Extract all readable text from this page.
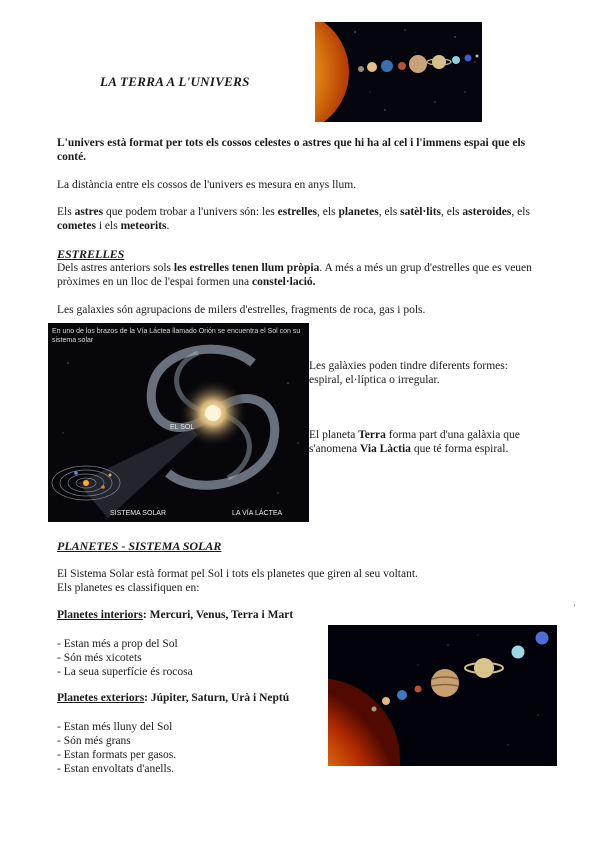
LA TERRA A L'UNIVERS
L'univers està format per tots els cossos celestes o astres que hi ha al cel i l'immens espai que els conté.
La distància entre els cossos de l'univers es mesura en anys llum.
Els astres que podem trobar a l'univers són: les estrelles, els planetes, els satèl·lits, els asteroides, els cometes i els meteorits.
ESTRELLES
Dels astres anteriors sols les estrelles tenen llum pròpia. A més a més un grup d'estrelles que es veuen pròximes en un lloc de l'espai formen una constel·lació.
Les galaxies són agrupacions de milers d'estrelles, fragments de roca, gas i pols.
En uno de los brazos de la Vía Láctea llamado Orión se encuentra el Sol con su sistema solar
EL SOL
SISTEMA SOLAR	LA VÍA LÁCTEA
Les galàxies poden tindre diferents formes: espiral, el·líptica o irregular.
El planeta Terra forma part d'una galàxia que s'anomena Via Làctia que té forma espiral.
PLANETES - SISTEMA SOLAR
El Sistema Solar està format pel Sol i tots els planetes que giren al seu voltant.
Els planetes es classifiquen en:
'
Planetes interiors: Mercuri, Venus, Terra i Mart
- Estan més a prop del Sol
- Són més xicotets
- La seua superfície és rocosa
Planetes exteriors: Júpiter, Saturn, Urà i Neptú
- Estan més lluny del Sol
- Són més grans
- Estan formats per gasos.
- Estan envoltats d'anells.
